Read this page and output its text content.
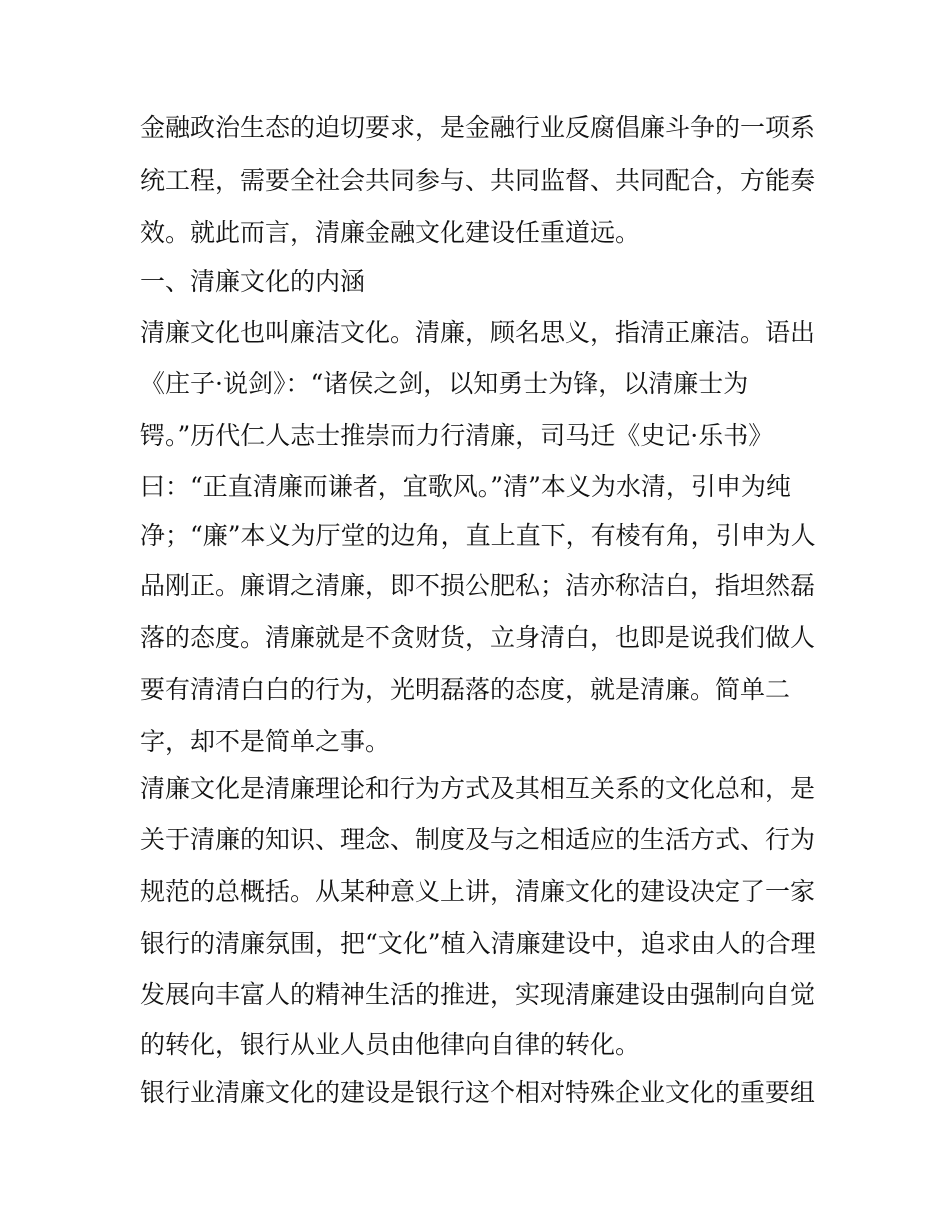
金融政治生态的迫切要求，是金融行业反腐倡廉斗争的一项系
统工程，需要全社会共同参与、共同监督、共同配合，方能奏
效。就此而言，清廉金融文化建设任重道远。
一、清廉文化的内涵
清廉文化也叫廉洁文化。清廉，顾名思义，指清正廉洁。语出
《庄子·说剑》：“诸侯之剑，以知勇士为锋，以清廉士为
锷。”历代仁人志士推崇而力行清廉，司马迁《史记·乐书》
曰：“正直清廉而谦者，宜歌风。”清”本义为水清，引申为纯
净；“廉”本义为厅堂的边角，直上直下，有棱有角，引申为人
品刚正。廉谓之清廉，即不损公肥私；洁亦称洁白，指坦然磊
落的态度。清廉就是不贪财货，立身清白，也即是说我们做人
要有清清白白的行为，光明磊落的态度，就是清廉。简单二
字，却不是简单之事。
清廉文化是清廉理论和行为方式及其相互关系的文化总和，是
关于清廉的知识、理念、制度及与之相适应的生活方式、行为
规范的总概括。从某种意义上讲，清廉文化的建设决定了一家
银行的清廉氛围，把“文化”植入清廉建设中，追求由人的合理
发展向丰富人的精神生活的推进，实现清廉建设由强制向自觉
的转化，银行从业人员由他律向自律的转化。
银行业清廉文化的建设是银行这个相对特殊企业文化的重要组
